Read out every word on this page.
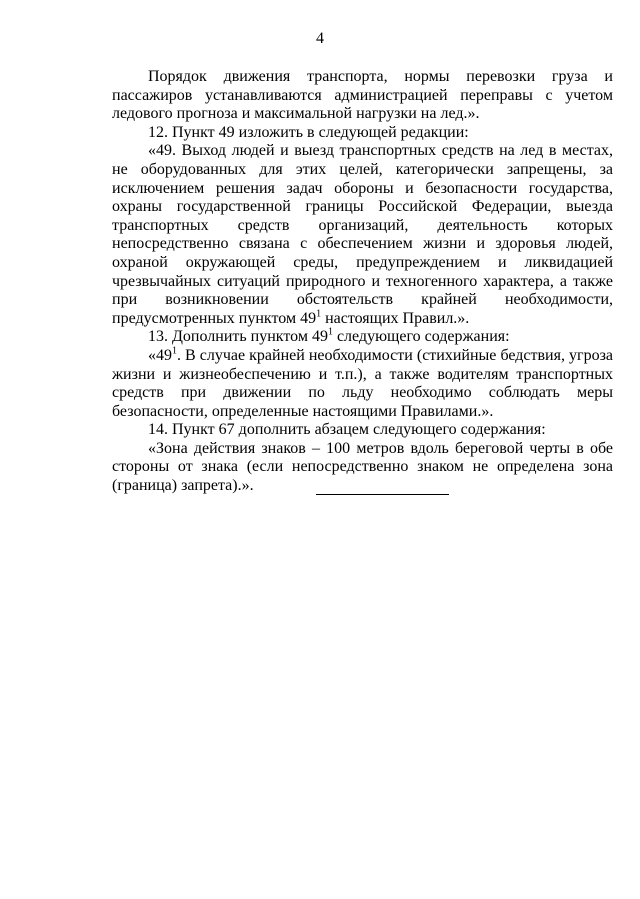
4

Порядок движения транспорта, нормы перевозки груза и пассажиров устанавливаются администрацией переправы с учетом ледового прогноза и максимальной нагрузки на лед.».

12. Пункт 49 изложить в следующей редакции:

«49. Выход людей и выезд транспортных средств на лед в местах, не оборудованных для этих целей, категорически запрещены, за исключением решения задач обороны и безопасности государства, охраны государственной границы Российской Федерации, выезда транспортных средств организаций, деятельность которых непосредственно связана с обеспечением жизни и здоровья людей, охраной окружающей среды, предупреждением и ликвидацией чрезвычайных ситуаций природного и техногенного характера, а также при возникновении обстоятельств крайней необходимости, предусмотренных пунктом $49^1$ настоящих Правил.».

13. Дополнить пунктом $49^1$ следующего содержания:

«$49^1$. В случае крайней необходимости (стихийные бедствия, угроза жизни и жизнеобеспечению и т.п.), а также водителям транспортных средств при движении по льду необходимо соблюдать меры безопасности, определенные настоящими Правилами.».

14. Пункт 67 дополнить абзацем следующего содержания:

«Зона действия знаков – 100 метров вдоль береговой черты в обе стороны от знака (если непосредственно знаком не определена зона (граница) запрета).».
